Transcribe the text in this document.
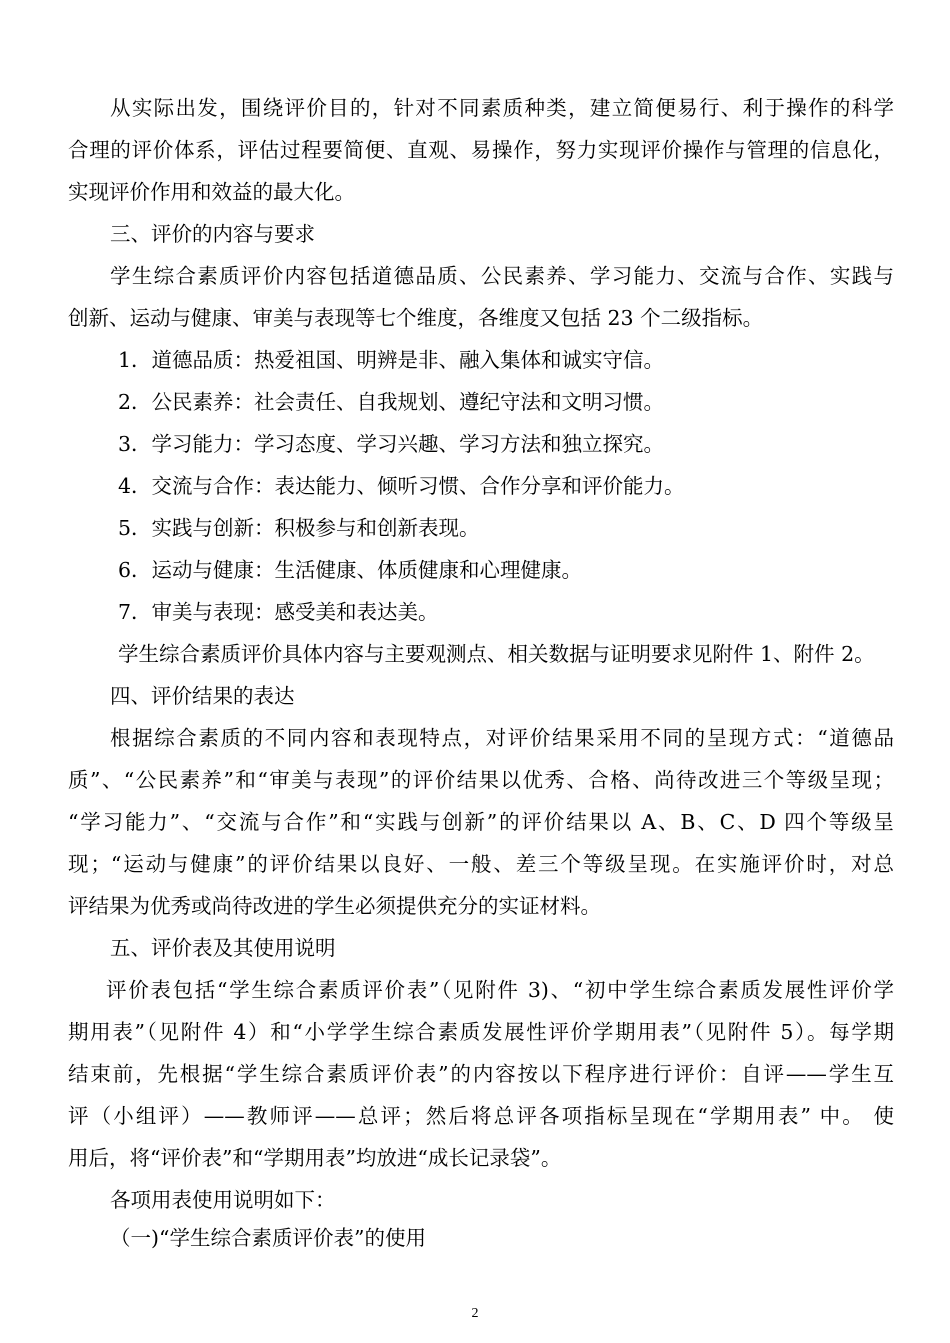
从实际出发，围绕评价目的，针对不同素质种类，建立简便易行、利于操作的科学
合理的评价体系，评估过程要简便、直观、易操作，努力实现评价操作与管理的信息化，
实现评价作用和效益的最大化。
三、评价的内容与要求
学生综合素质评价内容包括道德品质、公民素养、学习能力、交流与合作、实践与
创新、运动与健康、审美与表现等七个维度，各维度又包括 23 个二级指标。
1．道德品质：热爱祖国、明辨是非、融入集体和诚实守信。
2．公民素养：社会责任、自我规划、遵纪守法和文明习惯。
3．学习能力：学习态度、学习兴趣、学习方法和独立探究。
4．交流与合作：表达能力、倾听习惯、合作分享和评价能力。
5．实践与创新：积极参与和创新表现。
6．运动与健康：生活健康、体质健康和心理健康。
7．审美与表现：感受美和表达美。
学生综合素质评价具体内容与主要观测点、相关数据与证明要求见附件 1、附件 2。
四、评价结果的表达
根据综合素质的不同内容和表现特点，对评价结果采用不同的呈现方式：“道德品
质”、“公民素养”和“审美与表现”的评价结果以优秀、合格、尚待改进三个等级呈现；
“学习能力”、“交流与合作”和“实践与创新”的评价结果以 A、B、C、D 四个等级呈
现；“运动与健康”的评价结果以良好、一般、差三个等级呈现。在实施评价时，对总
评结果为优秀或尚待改进的学生必须提供充分的实证材料。
五、评价表及其使用说明
评价表包括“学生综合素质评价表”（见附件 3)、“初中学生综合素质发展性评价学
期用表”（见附件 4）和“小学学生综合素质发展性评价学期用表”（见附件 5）。每学期
结束前，先根据“学生综合素质评价表”的内容按以下程序进行评价：自评——学生互
评（小组评）——教师评——总评；然后将总评各项指标呈现在“学期用表” 中。 使
用后，将“评价表”和“学期用表”均放进“成长记录袋”。
各项用表使用说明如下：
（一)“学生综合素质评价表”的使用
2
